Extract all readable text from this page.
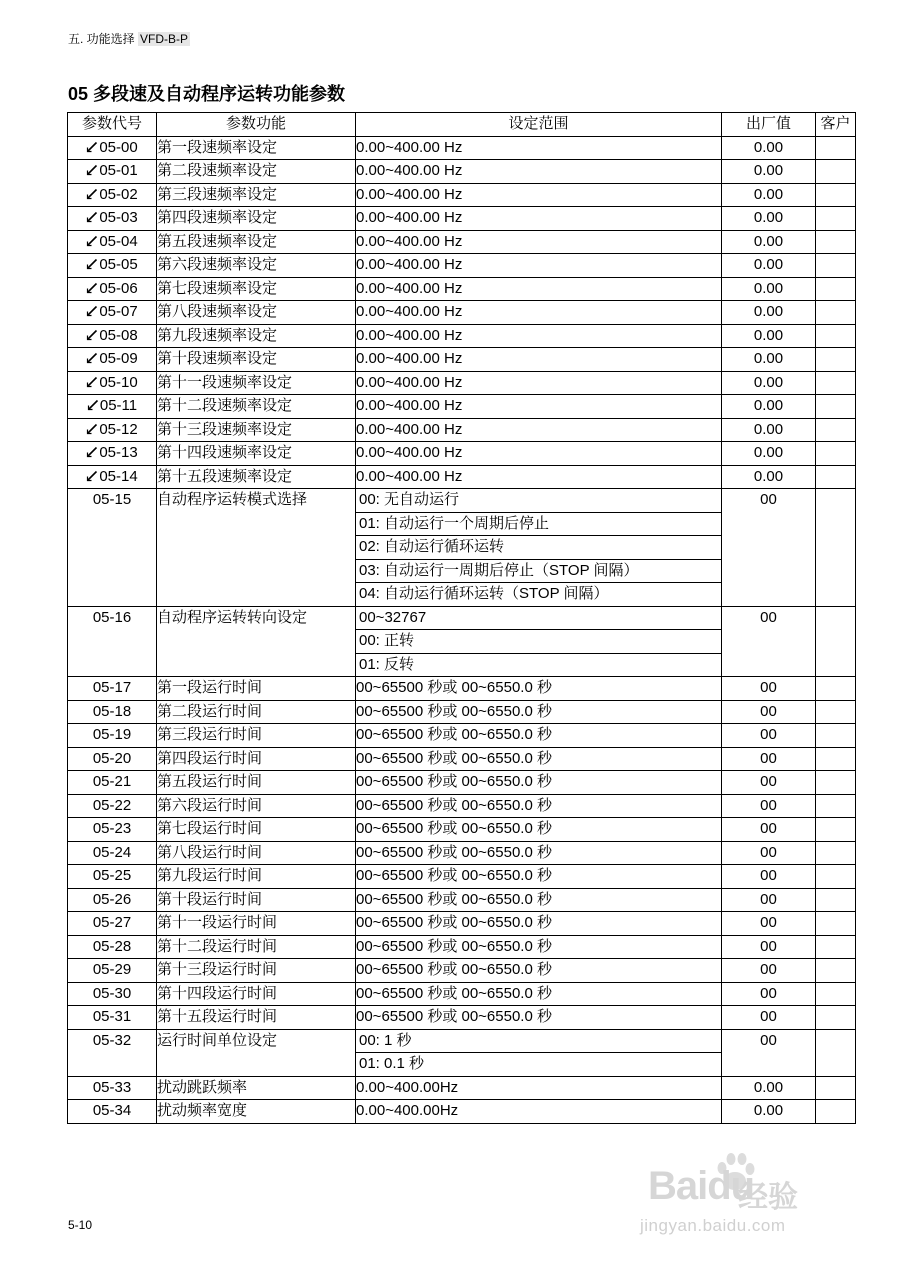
五. 功能选择 VFD-B-P
05 多段速及自动程序运转功能参数
参数代号	参数功能	设定范围	出厂值	客户
05-00	第一段速频率设定	0.00~400.00 Hz	0.00	
05-01	第二段速频率设定	0.00~400.00 Hz	0.00	
05-02	第三段速频率设定	0.00~400.00 Hz	0.00	
05-03	第四段速频率设定	0.00~400.00 Hz	0.00	
05-04	第五段速频率设定	0.00~400.00 Hz	0.00	
05-05	第六段速频率设定	0.00~400.00 Hz	0.00	
05-06	第七段速频率设定	0.00~400.00 Hz	0.00	
05-07	第八段速频率设定	0.00~400.00 Hz	0.00	
05-08	第九段速频率设定	0.00~400.00 Hz	0.00	
05-09	第十段速频率设定	0.00~400.00 Hz	0.00	
05-10	第十一段速频率设定	0.00~400.00 Hz	0.00	
05-11	第十二段速频率设定	0.00~400.00 Hz	0.00	
05-12	第十三段速频率设定	0.00~400.00 Hz	0.00	
05-13	第十四段速频率设定	0.00~400.00 Hz	0.00	
05-14	第十五段速频率设定	0.00~400.00 Hz	0.00	
05-15	自动程序运转模式选择	00: 无自动运行
01: 自动运行一个周期后停止
02: 自动运行循环运转
03: 自动运行一周期后停止（STOP 间隔）
04: 自动运行循环运转（STOP 间隔）	00	
05-16	自动程序运转转向设定	00~32767
00: 正转
01: 反转	00	
05-17	第一段运行时间	00~65500 秒或 00~6550.0 秒	00	
05-18	第二段运行时间	00~65500 秒或 00~6550.0 秒	00	
05-19	第三段运行时间	00~65500 秒或 00~6550.0 秒	00	
05-20	第四段运行时间	00~65500 秒或 00~6550.0 秒	00	
05-21	第五段运行时间	00~65500 秒或 00~6550.0 秒	00	
05-22	第六段运行时间	00~65500 秒或 00~6550.0 秒	00	
05-23	第七段运行时间	00~65500 秒或 00~6550.0 秒	00	
05-24	第八段运行时间	00~65500 秒或 00~6550.0 秒	00	
05-25	第九段运行时间	00~65500 秒或 00~6550.0 秒	00	
05-26	第十段运行时间	00~65500 秒或 00~6550.0 秒	00	
05-27	第十一段运行时间	00~65500 秒或 00~6550.0 秒	00	
05-28	第十二段运行时间	00~65500 秒或 00~6550.0 秒	00	
05-29	第十三段运行时间	00~65500 秒或 00~6550.0 秒	00	
05-30	第十四段运行时间	00~65500 秒或 00~6550.0 秒	00	
05-31	第十五段运行时间	00~65500 秒或 00~6550.0 秒	00	
05-32	运行时间单位设定	00: 1 秒
01: 0.1 秒	00	
05-33	扰动跳跃频率	0.00~400.00Hz	0.00	
05-34	扰动频率宽度	0.00~400.00Hz	0.00	
5-10
Baidu
经验
jingyan.baidu.com
